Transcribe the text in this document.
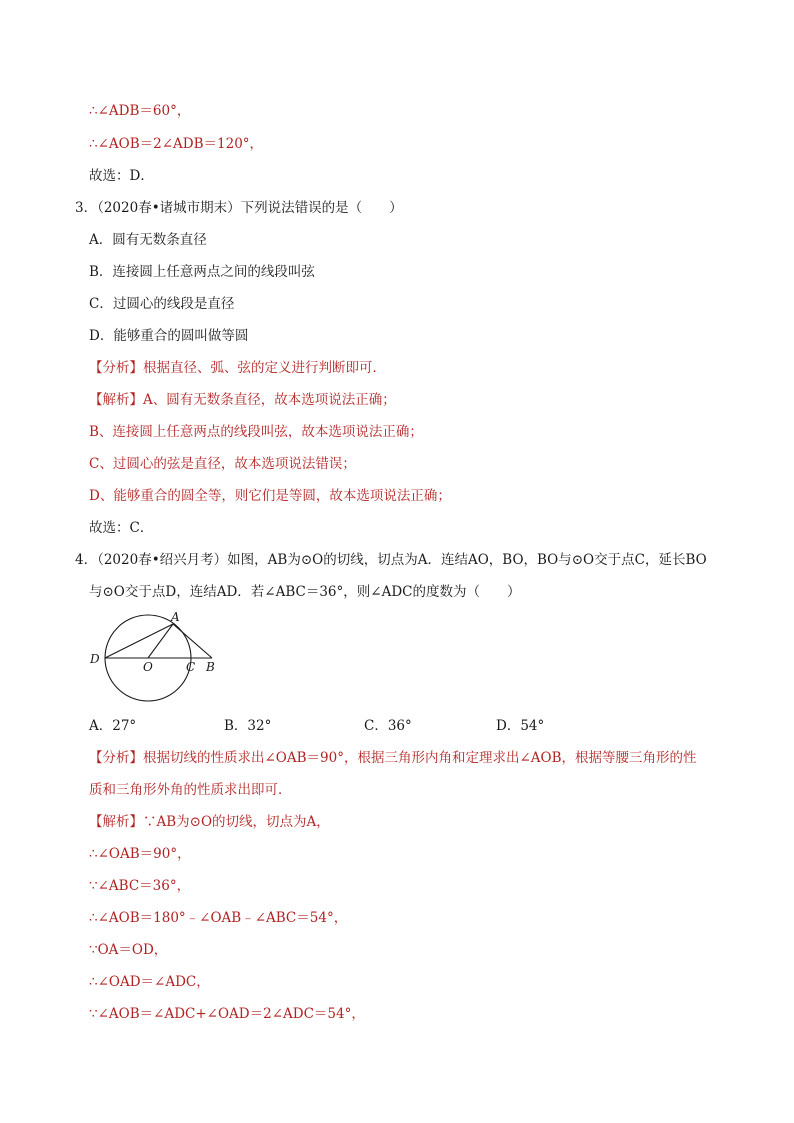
∴∠ADB＝60°，
∴∠AOB＝2∠ADB＝120°，
故选：D．
3．（2020春•诸城市期末）下列说法错误的是（　　）
A．圆有无数条直径
B．连接圆上任意两点之间的线段叫弦
C．过圆心的线段是直径
D．能够重合的圆叫做等圆
【分析】根据直径、弧、弦的定义进行判断即可．
【解析】A、圆有无数条直径，故本选项说法正确；
B、连接圆上任意两点的线段叫弦，故本选项说法正确；
C、过圆心的弦是直径，故本选项说法错误；
D、能够重合的圆全等，则它们是等圆，故本选项说法正确；
故选：C．
4．（2020春•绍兴月考）如图，AB为⊙O的切线，切点为A．连结AO，BO，BO与⊙O交于点C，延长BO
与⊙O交于点D，连结AD．若∠ABC＝36°，则∠ADC的度数为（　　）
A
D
O	C B
A．27°	B．32°	C．36°	D．54°
【分析】根据切线的性质求出∠OAB＝90°，根据三角形内角和定理求出∠AOB，根据等腰三角形的性
质和三角形外角的性质求出即可．
【解析】∵AB为⊙O的切线，切点为A，
∴∠OAB＝90°，
∵∠ABC＝36°，
∴∠AOB＝180°﹣∠OAB﹣∠ABC＝54°，
∵OA＝OD，
∴∠OAD＝∠ADC，
∵∠AOB＝∠ADC+∠OAD＝2∠ADC＝54°，
